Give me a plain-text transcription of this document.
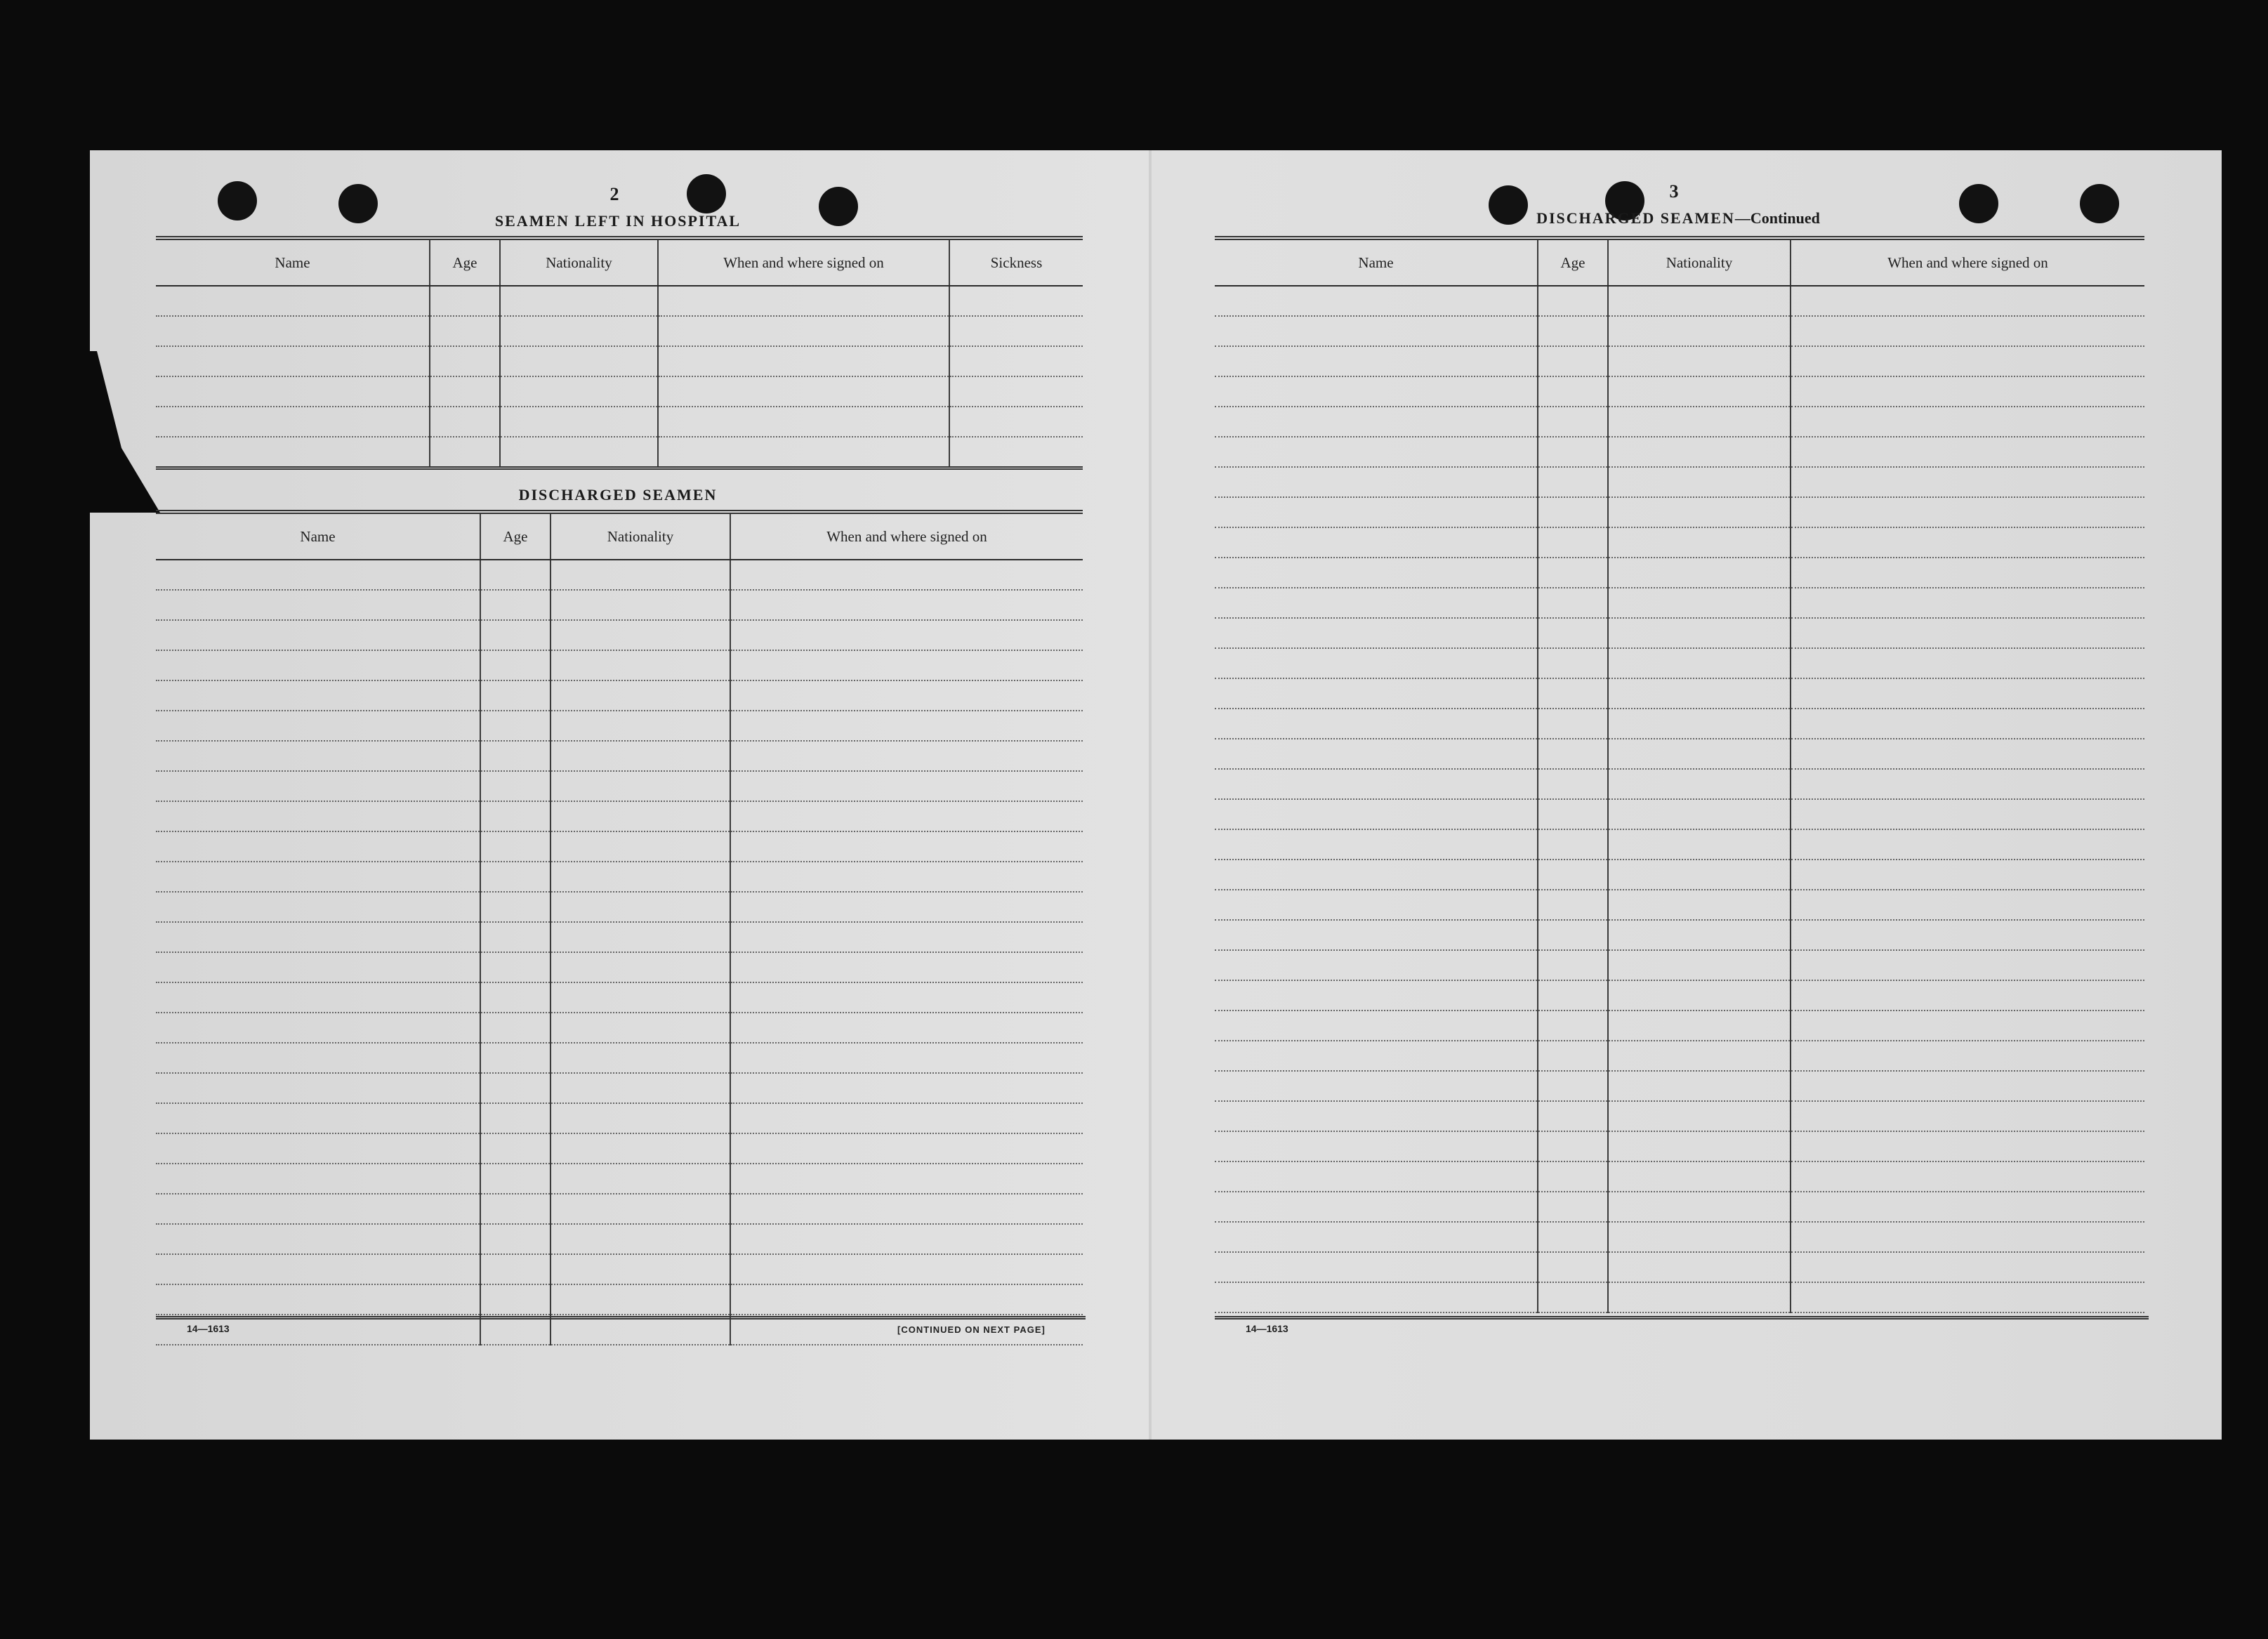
2
SEAMEN LEFT IN HOSPITAL
Name	Age	Nationality	When and where signed on	Sickness

DISCHARGED SEAMEN
Name	Age	Nationality	When and where signed on

14—1613	[CONTINUED ON NEXT PAGE]
3
DISCHARGED SEAMEN—Continued
Name	Age	Nationality	When and where signed on

14—1613
